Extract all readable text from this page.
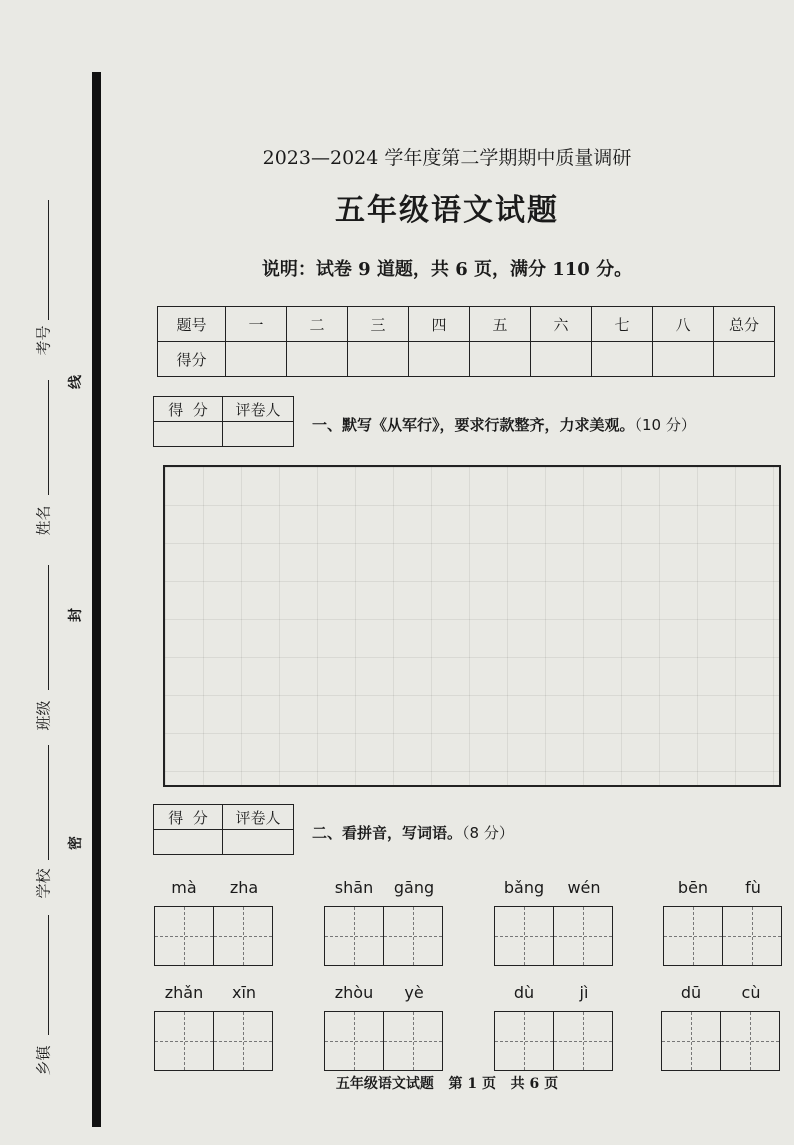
考号
姓名
班级
学校
乡镇
线
封
密
2023—2024 学年度第二学期期中质量调研
五年级语文试题
说明：试卷 9 道题，共 6 页，满分 110 分。
题号	一	二	三	四	五	六	七	八	总分
得分									
得  分	评卷人

一、默写《从军行》，要求行款整齐，力求美观。（10 分）
得  分	评卷人

二、看拼音，写词语。（8 分）
mà	zha	shān	gāng	bǎng	wén	bēn	fù
zhǎn	xīn	zhòu	yè	dù	jì	dū	cù
五年级语文试题   第 1 页   共 6 页
